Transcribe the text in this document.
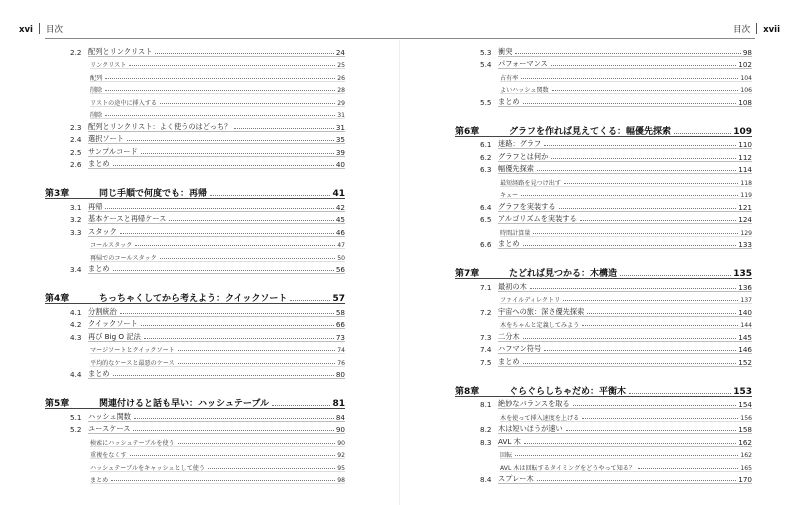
xvi 目次
2.2 配列とリンクリスト	24
リンクリスト	25
配列	26
削除	28
リストの途中に挿入する	29
削除	31
2.3 配列とリンクリスト：よく使うのはどっち？	31
2.4 選択ソート	35
2.5 サンプルコード	39
2.6 まとめ	40
第3章	同じ手順で何度でも：再帰	41
3.1 再帰	42
3.2 基本ケースと再帰ケース	45
3.3 スタック	46
コールスタック	47
再帰でのコールスタック	50
3.4 まとめ	56
第4章	ちっちゃくしてから考えよう：クイックソート	57
4.1 分割統治	58
4.2 クイックソート	66
4.3 再び Big O 記法	73
マージソートとクイックソート	74
平均的なケースと最悪のケース	76
4.4 まとめ	80
第5章	関連付けると話も早い：ハッシュテーブル	81
5.1 ハッシュ関数	84
5.2 ユースケース	90
検索にハッシュテーブルを使う	90
重複をなくす	92
ハッシュテーブルをキャッシュとして使う	95
まとめ	98
目次 xvii
5.3 衝突	98
5.4 パフォーマンス	102
占有率	104
よいハッシュ関数	106
5.5 まとめ	108
第6章	グラフを作れば見えてくる：幅優先探索	109
6.1 迷路：グラフ	110
6.2 グラフとは何か	112
6.3 幅優先探索	114
最短経路を見つけ出す	118
キュー	119
6.4 グラフを実装する	121
6.5 アルゴリズムを実装する	124
時間計算量	129
6.6 まとめ	133
第7章	たどれば見つかる：木構造	135
7.1 最初の木	136
ファイルディレクトリ	137
7.2 宇宙への旅：深さ優先探索	140
木をちゃんと定義してみよう	144
7.3 二分木	145
7.4 ハフマン符号	146
7.5 まとめ	152
第8章	ぐらぐらしちゃだめ：平衡木	153
8.1 絶妙なバランスを取る	154
木を使って挿入速度を上げる	156
8.2 木は短いほうが速い	158
8.3 AVL 木	162
回転	162
AVL 木は回転するタイミングをどうやって知る？	165
8.4 スプレー木	170
